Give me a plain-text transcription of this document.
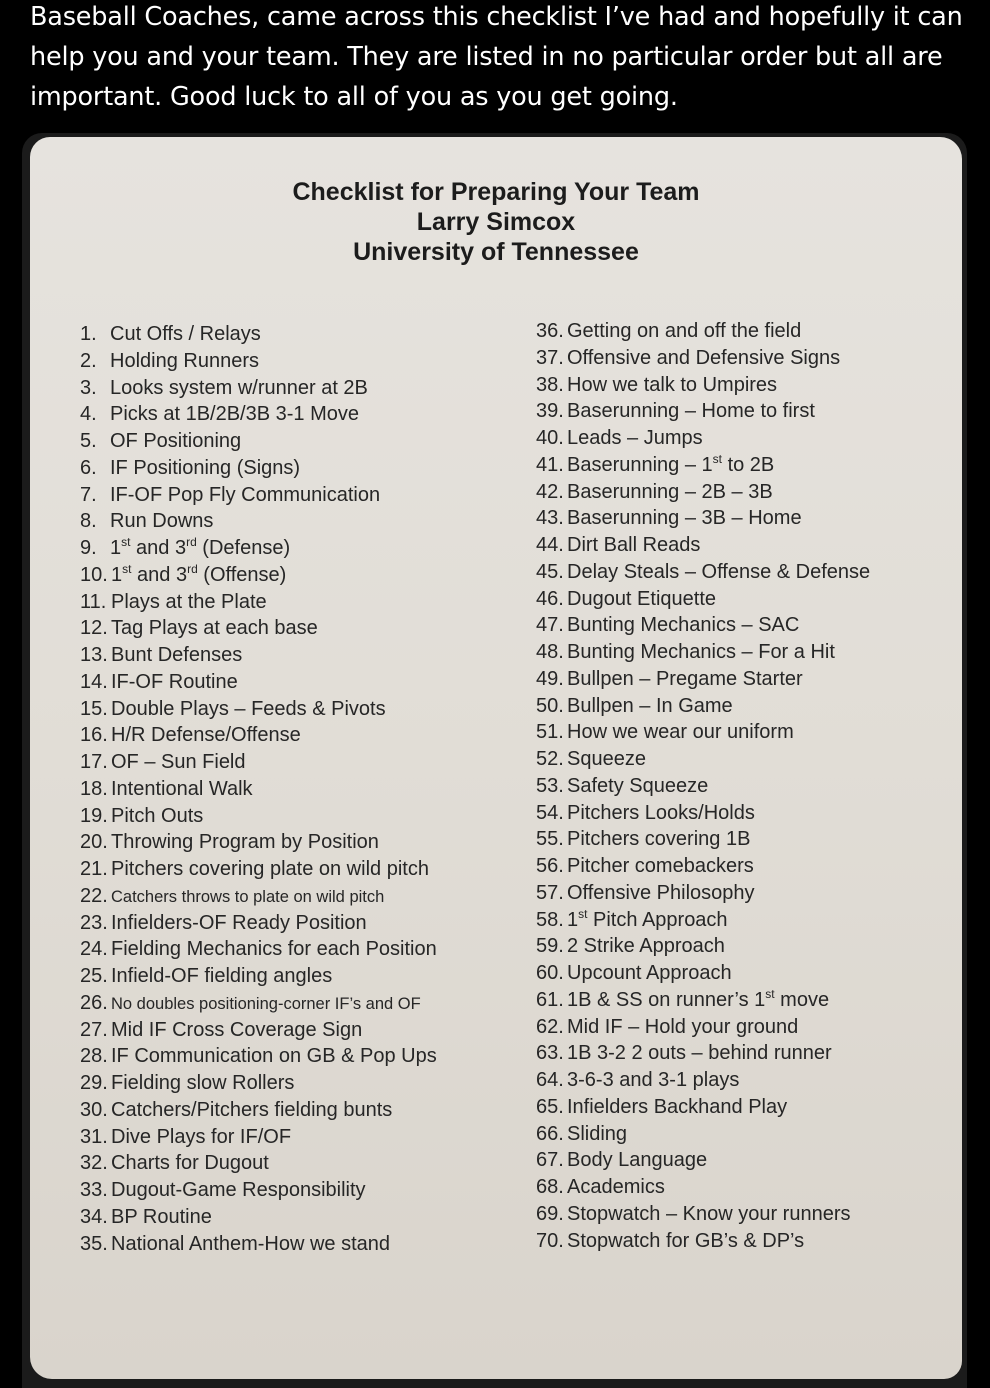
Baseball Coaches, came across this checklist I’ve had and hopefully it can help you and your team. They are listed in no particular order but all are important. Good luck to all of you as you get going.

Checklist for Preparing Your Team
Larry Simcox
University of Tennessee
1. Cut Offs / Relays
2. Holding Runners
3. Looks system w/runner at 2B
4. Picks at 1B/2B/3B 3-1 Move
5. OF Positioning
6. IF Positioning (Signs)
7. IF-OF Pop Fly Communication
8. Run Downs
9. 1st and 3rd (Defense)
10. 1st and 3rd (Offense)
11. Plays at the Plate
12. Tag Plays at each base
13. Bunt Defenses
14. IF-OF Routine
15. Double Plays – Feeds & Pivots
16. H/R Defense/Offense
17. OF – Sun Field
18. Intentional Walk
19. Pitch Outs
20. Throwing Program by Position
21. Pitchers covering plate on wild pitch
22. Catchers throws to plate on wild pitch
23. Infielders-OF Ready Position
24. Fielding Mechanics for each Position
25. Infield-OF fielding angles
26. No doubles positioning-corner IF’s and OF
27. Mid IF Cross Coverage Sign
28. IF Communication on GB & Pop Ups
29. Fielding slow Rollers
30. Catchers/Pitchers fielding bunts
31. Dive Plays for IF/OF
32. Charts for Dugout
33. Dugout-Game Responsibility
34. BP Routine
35. National Anthem-How we stand
36. Getting on and off the field
37. Offensive and Defensive Signs
38. How we talk to Umpires
39. Baserunning – Home to first
40. Leads – Jumps
41. Baserunning – 1st to 2B
42. Baserunning – 2B – 3B
43. Baserunning – 3B – Home
44. Dirt Ball Reads
45. Delay Steals – Offense & Defense
46. Dugout Etiquette
47. Bunting Mechanics – SAC
48. Bunting Mechanics – For a Hit
49. Bullpen – Pregame Starter
50. Bullpen – In Game
51. How we wear our uniform
52. Squeeze
53. Safety Squeeze
54. Pitchers Looks/Holds
55. Pitchers covering 1B
56. Pitcher comebackers
57. Offensive Philosophy
58. 1st Pitch Approach
59. 2 Strike Approach
60. Upcount Approach
61. 1B & SS on runner’s 1st move
62. Mid IF – Hold your ground
63. 1B 3-2 2 outs – behind runner
64. 3-6-3 and 3-1 plays
65. Infielders Backhand Play
66. Sliding
67. Body Language
68. Academics
69. Stopwatch – Know your runners
70. Stopwatch for GB’s & DP’s
